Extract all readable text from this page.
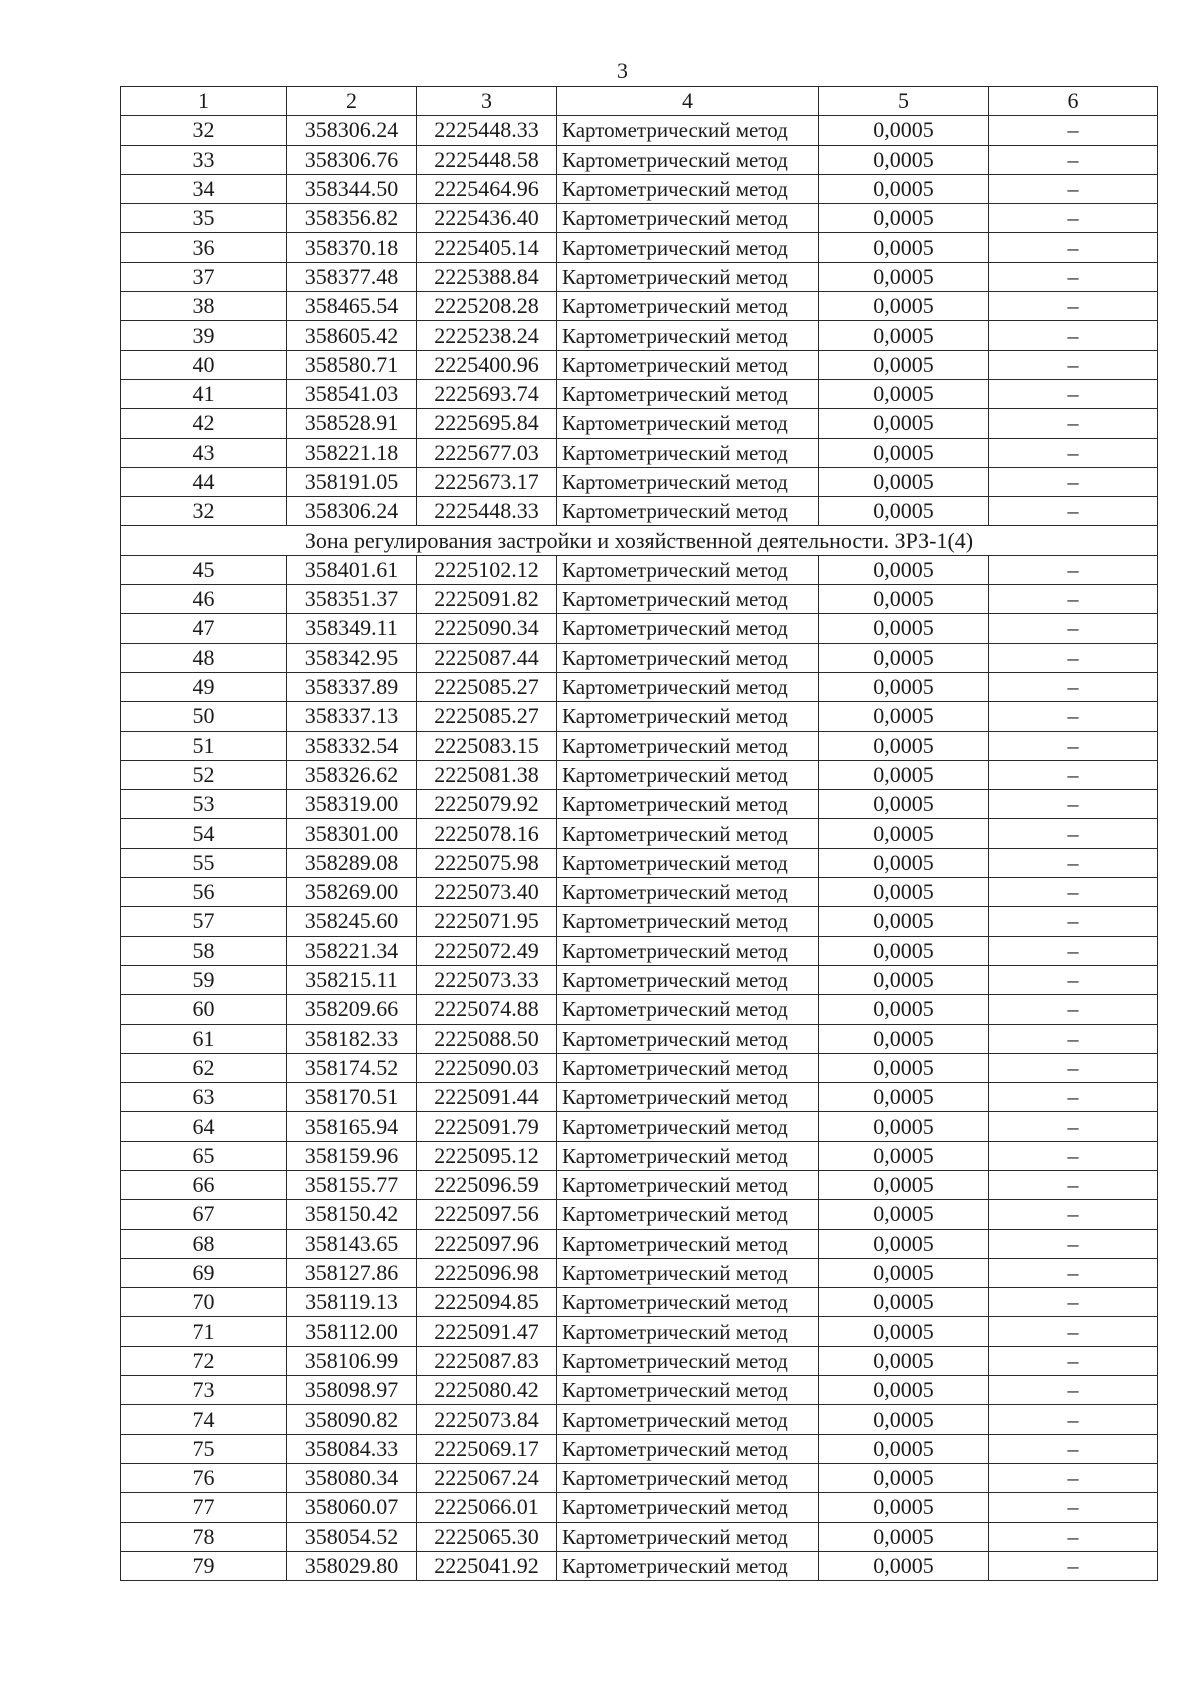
3
1	2	3	4	5	6
32	358306.24	2225448.33	Картометрический метод	0,0005	–
33	358306.76	2225448.58	Картометрический метод	0,0005	–
34	358344.50	2225464.96	Картометрический метод	0,0005	–
35	358356.82	2225436.40	Картометрический метод	0,0005	–
36	358370.18	2225405.14	Картометрический метод	0,0005	–
37	358377.48	2225388.84	Картометрический метод	0,0005	–
38	358465.54	2225208.28	Картометрический метод	0,0005	–
39	358605.42	2225238.24	Картометрический метод	0,0005	–
40	358580.71	2225400.96	Картометрический метод	0,0005	–
41	358541.03	2225693.74	Картометрический метод	0,0005	–
42	358528.91	2225695.84	Картометрический метод	0,0005	–
43	358221.18	2225677.03	Картометрический метод	0,0005	–
44	358191.05	2225673.17	Картометрический метод	0,0005	–
32	358306.24	2225448.33	Картометрический метод	0,0005	–
Зона регулирования застройки и хозяйственной деятельности. ЗРЗ-1(4)					
45	358401.61	2225102.12	Картометрический метод	0,0005	–
46	358351.37	2225091.82	Картометрический метод	0,0005	–
47	358349.11	2225090.34	Картометрический метод	0,0005	–
48	358342.95	2225087.44	Картометрический метод	0,0005	–
49	358337.89	2225085.27	Картометрический метод	0,0005	–
50	358337.13	2225085.27	Картометрический метод	0,0005	–
51	358332.54	2225083.15	Картометрический метод	0,0005	–
52	358326.62	2225081.38	Картометрический метод	0,0005	–
53	358319.00	2225079.92	Картометрический метод	0,0005	–
54	358301.00	2225078.16	Картометрический метод	0,0005	–
55	358289.08	2225075.98	Картометрический метод	0,0005	–
56	358269.00	2225073.40	Картометрический метод	0,0005	–
57	358245.60	2225071.95	Картометрический метод	0,0005	–
58	358221.34	2225072.49	Картометрический метод	0,0005	–
59	358215.11	2225073.33	Картометрический метод	0,0005	–
60	358209.66	2225074.88	Картометрический метод	0,0005	–
61	358182.33	2225088.50	Картометрический метод	0,0005	–
62	358174.52	2225090.03	Картометрический метод	0,0005	–
63	358170.51	2225091.44	Картометрический метод	0,0005	–
64	358165.94	2225091.79	Картометрический метод	0,0005	–
65	358159.96	2225095.12	Картометрический метод	0,0005	–
66	358155.77	2225096.59	Картометрический метод	0,0005	–
67	358150.42	2225097.56	Картометрический метод	0,0005	–
68	358143.65	2225097.96	Картометрический метод	0,0005	–
69	358127.86	2225096.98	Картометрический метод	0,0005	–
70	358119.13	2225094.85	Картометрический метод	0,0005	–
71	358112.00	2225091.47	Картометрический метод	0,0005	–
72	358106.99	2225087.83	Картометрический метод	0,0005	–
73	358098.97	2225080.42	Картометрический метод	0,0005	–
74	358090.82	2225073.84	Картометрический метод	0,0005	–
75	358084.33	2225069.17	Картометрический метод	0,0005	–
76	358080.34	2225067.24	Картометрический метод	0,0005	–
77	358060.07	2225066.01	Картометрический метод	0,0005	–
78	358054.52	2225065.30	Картометрический метод	0,0005	–
79	358029.80	2225041.92	Картометрический метод	0,0005	–
